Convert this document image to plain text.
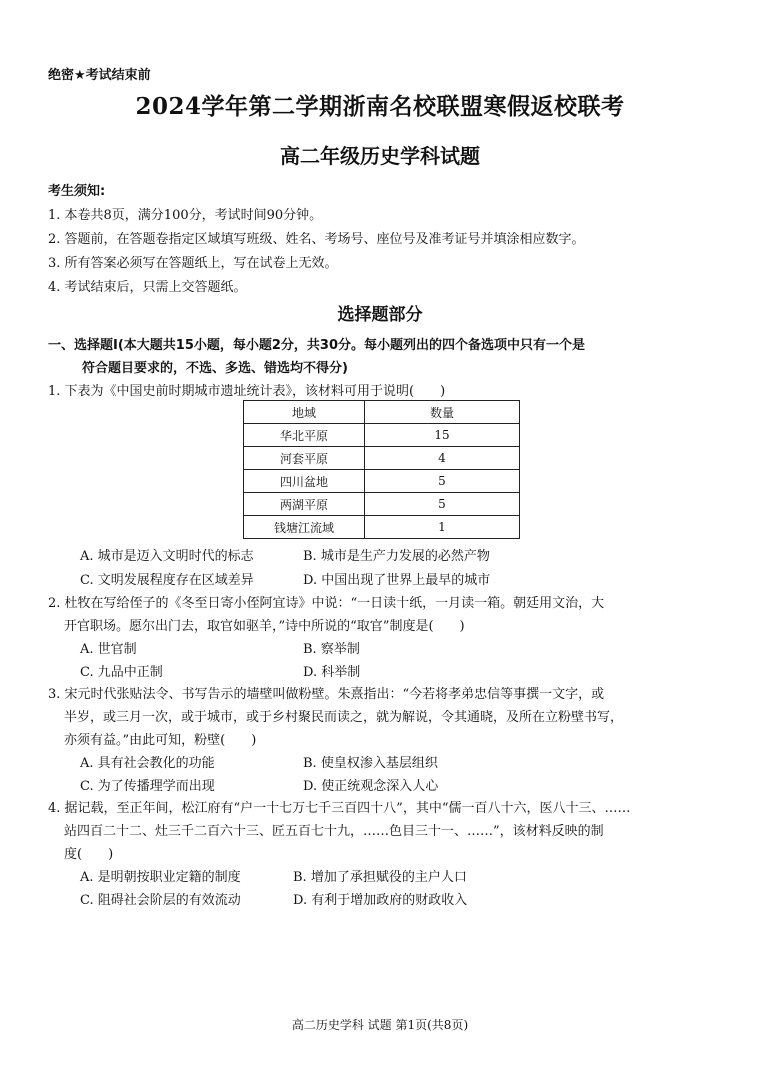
绝密★考试结束前
2024学年第二学期浙南名校联盟寒假返校联考
高二年级历史学科试题
考生须知:
1. 本卷共8页，满分100分，考试时间90分钟。
2. 答题前，在答题卷指定区域填写班级、姓名、考场号、座位号及准考证号并填涂相应数字。
3. 所有答案必须写在答题纸上，写在试卷上无效。
4. 考试结束后，只需上交答题纸。
选择题部分
一、选择题Ⅰ(本大题共15小题，每小题2分，共30分。每小题列出的四个备选项中只有一个是
符合题目要求的，不选、多选、错选均不得分)
1. 下表为《中国史前时期城市遗址统计表》，该材料可用于说明(　　)
地域	数量
华北平原	15
河套平原	4
四川盆地	5
两湖平原	5
钱塘江流域	1
A. 城市是迈入文明时代的标志	B. 城市是生产力发展的必然产物
C. 文明发展程度存在区域差异	D. 中国出现了世界上最早的城市
2. 杜牧在写给侄子的《冬至日寄小侄阿宜诗》中说：“一日读十纸，一月读一箱。朝廷用文治，大
开官职场。愿尔出门去，取官如驱羊，”诗中所说的“取官”制度是(　　)
A. 世官制	B. 察举制
C. 九品中正制	D. 科举制
3. 宋元时代张贴法令、书写告示的墙壁叫做粉壁。朱熹指出：“今若将孝弟忠信等事撰一文字，或
半岁，或三月一次，或于城市，或于乡村聚民而读之，就为解说，令其通晓，及所在立粉壁书写，
亦须有益。”由此可知，粉壁(　　)
A. 具有社会教化的功能	B. 使皇权渗入基层组织
C. 为了传播理学而出现	D. 使正统观念深入人心
4. 据记载，至正年间，松江府有“户一十七万七千三百四十八”，其中“儒一百八十六，医八十三、……
站四百二十二、灶三千二百六十三、匠五百七十九，……色目三十一、……”，该材料反映的制
度(　　)
A. 是明朝按职业定籍的制度	B. 增加了承担赋役的主户人口
C. 阻碍社会阶层的有效流动	D. 有利于增加政府的财政收入
高二历史学科 试题 第1页(共8页)
